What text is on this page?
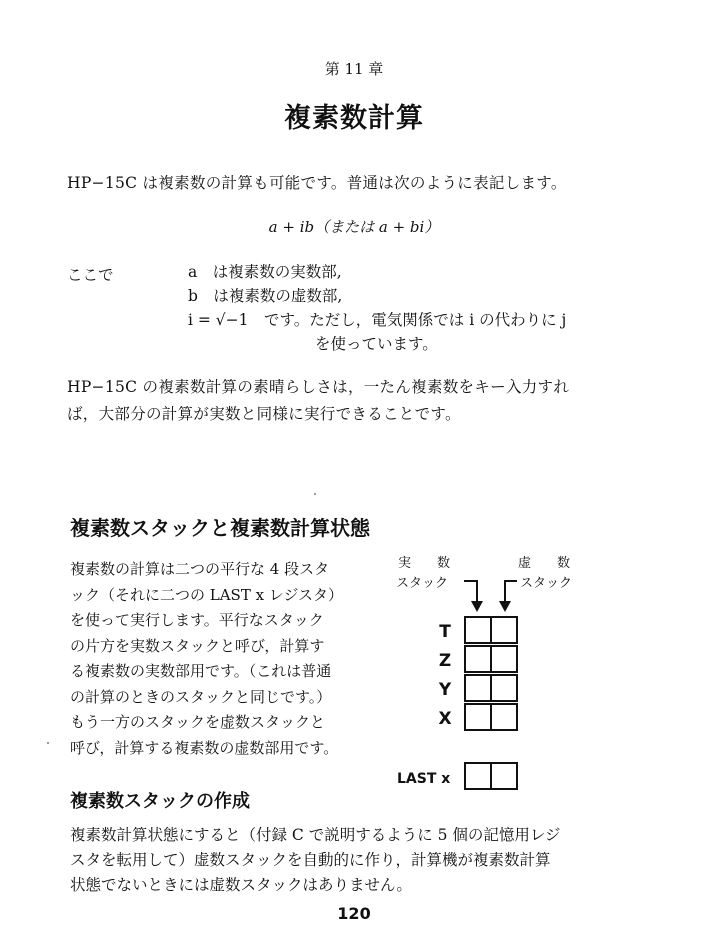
第 11 章
複素数計算
HP−15C は複素数の計算も可能です。普通は次のように表記します。
a + ib（または a + bi）
ここで	a　は複素数の実数部,
b　は複素数の虚数部,
i = √−1　です。ただし，電気関係では i の代わりに j
を使っています。
HP−15C の複素数計算の素晴らしさは，一たん複素数をキー入力すれ
ば，大部分の計算が実数と同様に実行できることです。
複素数スタックと複素数計算状態
複素数の計算は二つの平行な 4 段スタ
ック（それに二つの LAST x レジスタ）
を使って実行します。平行なスタック
の片方を実数スタックと呼び，計算す
る複素数の実数部用です。（これは普通
の計算のときのスタックと同じです。）
もう一方のスタックを虚数スタックと
呼び，計算する複素数の虚数部用です。
実　　数
スタック
虚　　数
スタック
T
Z
Y
X
LAST x
複素数スタックの作成
複素数計算状態にすると（付録 C で説明するように 5 個の記憶用レジ
スタを転用して）虚数スタックを自動的に作り，計算機が複素数計算
状態でないときには虚数スタックはありません。
120
